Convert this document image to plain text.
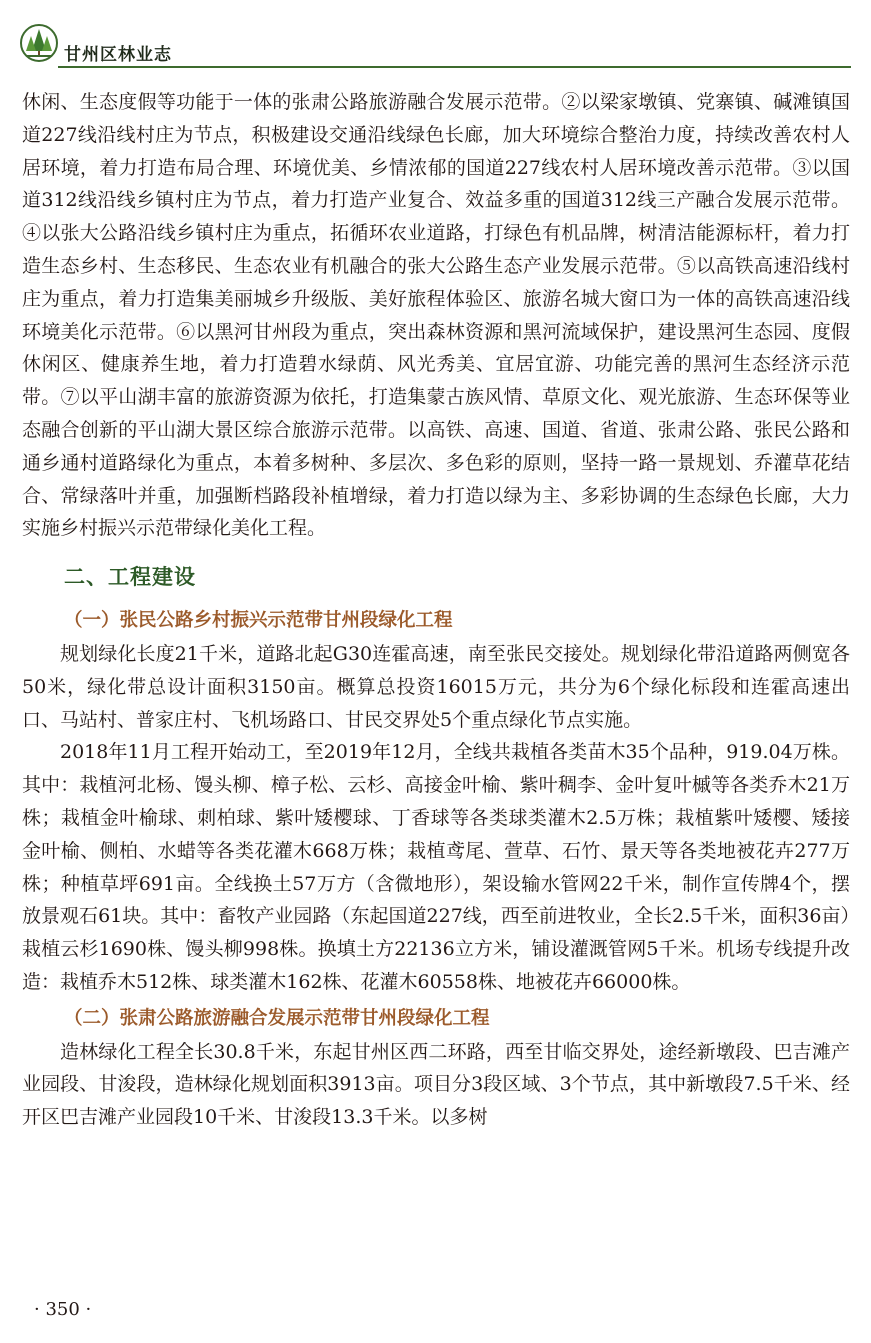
甘州区林业志

休闲、生态度假等功能于一体的张肃公路旅游融合发展示范带。②以梁家墩镇、党寨镇、碱滩镇国道227线沿线村庄为节点，积极建设交通沿线绿色长廊，加大环境综合整治力度，持续改善农村人居环境，着力打造布局合理、环境优美、乡情浓郁的国道227线农村人居环境改善示范带。③以国道312线沿线乡镇村庄为节点，着力打造产业复合、效益多重的国道312线三产融合发展示范带。④以张大公路沿线乡镇村庄为重点，拓循环农业道路，打绿色有机品牌，树清洁能源标杆，着力打造生态乡村、生态移民、生态农业有机融合的张大公路生态产业发展示范带。⑤以高铁高速沿线村庄为重点，着力打造集美丽城乡升级版、美好旅程体验区、旅游名城大窗口为一体的高铁高速沿线环境美化示范带。⑥以黑河甘州段为重点，突出森林资源和黑河流域保护，建设黑河生态园、度假休闲区、健康养生地，着力打造碧水绿荫、风光秀美、宜居宜游、功能完善的黑河生态经济示范带。⑦以平山湖丰富的旅游资源为依托，打造集蒙古族风情、草原文化、观光旅游、生态环保等业态融合创新的平山湖大景区综合旅游示范带。以高铁、高速、国道、省道、张肃公路、张民公路和通乡通村道路绿化为重点，本着多树种、多层次、多色彩的原则，坚持一路一景规划、乔灌草花结合、常绿落叶并重，加强断档路段补植增绿，着力打造以绿为主、多彩协调的生态绿色长廊，大力实施乡村振兴示范带绿化美化工程。

二、工程建设
（一）张民公路乡村振兴示范带甘州段绿化工程

规划绿化长度21千米，道路北起G30连霍高速，南至张民交接处。规划绿化带沿道路两侧宽各50米，绿化带总设计面积3150亩。概算总投资16015万元，共分为6个绿化标段和连霍高速出口、马站村、普家庄村、飞机场路口、甘民交界处5个重点绿化节点实施。

2018年11月工程开始动工，至2019年12月，全线共栽植各类苗木35个品种，919.04万株。其中：栽植河北杨、馒头柳、樟子松、云杉、高接金叶榆、紫叶稠李、金叶复叶槭等各类乔木21万株；栽植金叶榆球、刺柏球、紫叶矮樱球、丁香球等各类球类灌木2.5万株；栽植紫叶矮樱、矮接金叶榆、侧柏、水蜡等各类花灌木668万株；栽植鸢尾、萱草、石竹、景天等各类地被花卉277万株；种植草坪691亩。全线换土57万方（含微地形），架设输水管网22千米，制作宣传牌4个，摆放景观石61块。其中：畜牧产业园路（东起国道227线，西至前进牧业，全长2.5千米，面积36亩）栽植云杉1690株、馒头柳998株。换填土方22136立方米，铺设灌溉管网5千米。机场专线提升改造：栽植乔木512株、球类灌木162株、花灌木60558株、地被花卉66000株。

（二）张肃公路旅游融合发展示范带甘州段绿化工程

造林绿化工程全长30.8千米，东起甘州区西二环路，西至甘临交界处，途经新墩段、巴吉滩产业园段、甘浚段，造林绿化规划面积3913亩。项目分3段区域、3个节点，其中新墩段7.5千米、经开区巴吉滩产业园段10千米、甘浚段13.3千米。以多树

· 350 ·
